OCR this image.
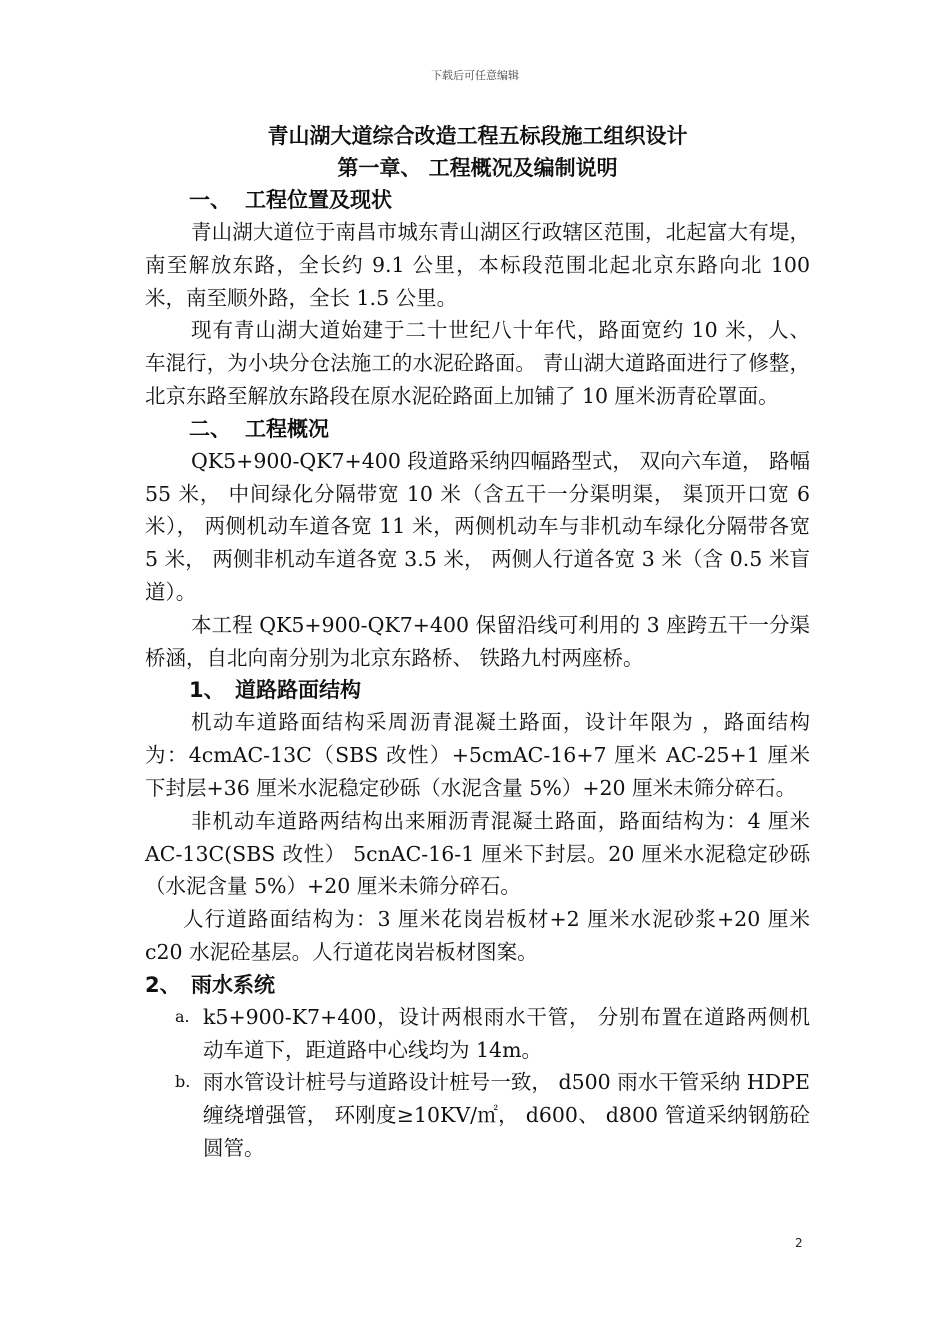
下载后可任意编辑
青山湖大道综合改造工程五标段施工组织设计
第一章、 工程概况及编制说明
一、 工程位置及现状
青山湖大道位于南昌市城东青山湖区行政辖区范围，北起富大有堤，南至解放东路，全长约 9.1 公里，本标段范围北起北京东路向北 100 米，南至顺外路，全长 1.5 公里。
现有青山湖大道始建于二十世纪八十年代，路面宽约 10 米，人、 车混行，为小块分仓法施工的水泥砼路面。 青山湖大道路面进行了修整，北京东路至解放东路段在原水泥砼路面上加铺了 10 厘米沥青砼罩面。
二、 工程概况
QK5+900-QK7+400 段道路采纳四幅路型式， 双向六车道， 路幅 55 米， 中间绿化分隔带宽 10 米（含五干一分渠明渠， 渠顶开口宽 6 米）， 两侧机动车道各宽 11 米，两侧机动车与非机动车绿化分隔带各宽 5 米， 两侧非机动车道各宽 3.5 米， 两侧人行道各宽 3 米（含 0.5 米盲道）。
本工程 QK5+900-QK7+400 保留沿线可利用的 3 座跨五干一分渠桥涵，自北向南分别为北京东路桥、 铁路九村两座桥。
1、 道路路面结构
机动车道路面结构采周沥青混凝土路面，设计年限为 ，路面结构为：4cmAC-13C（SBS 改性）+5cmAC-16+7 厘米 AC-25+1 厘米下封层+36 厘米水泥稳定砂砾（水泥含量 5%）+20 厘米未筛分碎石。
非机动车道路两结构出来厢沥青混凝土路面，路面结构为：4 厘米 AC-13C(SBS 改性） 5cnAC-16-1 厘米下封层。20 厘米水泥稳定砂砾（水泥含量 5%）+20 厘米未筛分碎石。
人行道路面结构为：3 厘米花岗岩板材+2 厘米水泥砂浆+20 厘米 c20 水泥砼基层。人行道花岗岩板材图案。
2、 雨水系统
a. k5+900-K7+400，设计两根雨水干管， 分别布置在道路两侧机动车道下，距道路中心线均为 14m。
b. 雨水管设计桩号与道路设计桩号一致， d500 雨水干管采纳 HDPE 缠绕增强管， 环刚度≥10KV/㎡， d600、 d800 管道采纳钢筋砼圆管。
2
